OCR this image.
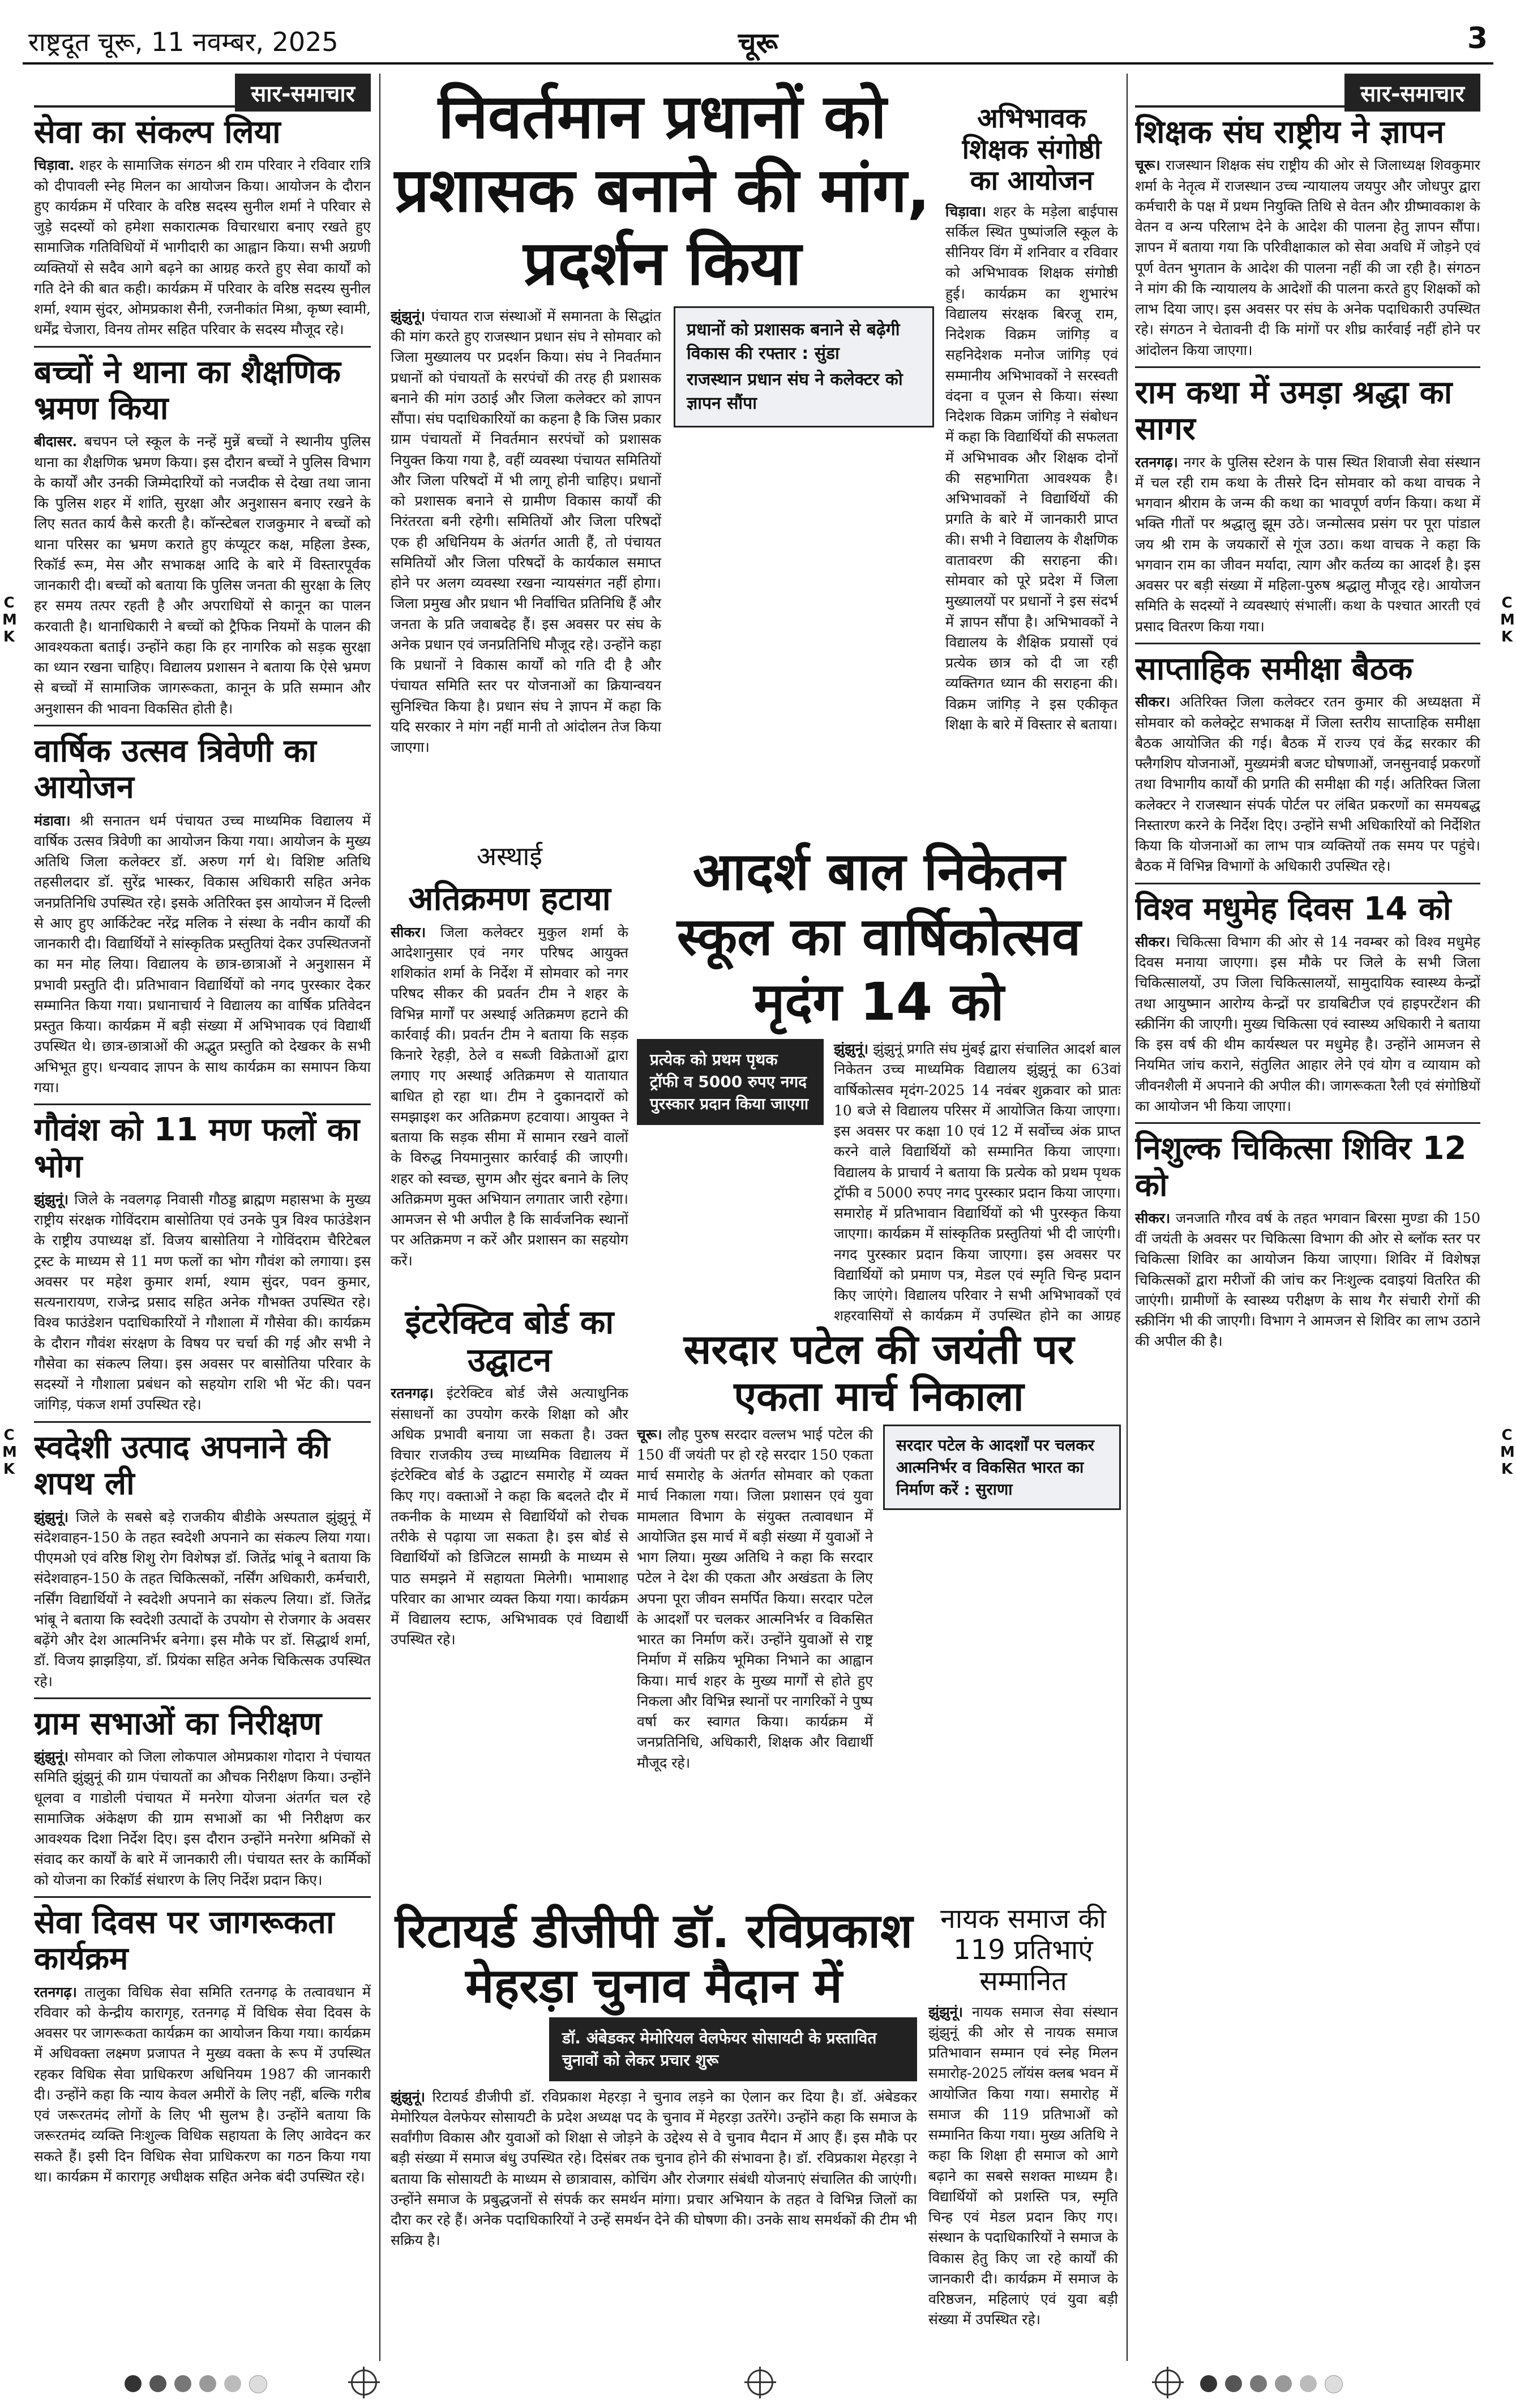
राष्ट्रदूत चूरू, 11 नवम्बर, 2025	चूरू	3
C M K
C M K
C M K
C M K
सार-समाचार
सेवा का संकल्प लिया

चिड़ावा. शहर के सामाजिक संगठन श्री राम परिवार ने रविवार रात्रि को दीपावली स्नेह मिलन का आयोजन किया। आयोजन के दौरान हुए कार्यक्रम में परिवार के वरिष्ठ सदस्य सुनील शर्मा ने परिवार से जुड़े सदस्यों को हमेशा सकारात्मक विचारधारा बनाए रखते हुए सामाजिक गतिविधियों में भागीदारी का आह्वान किया। सभी अग्रणी व्यक्तियों से सदैव आगे बढ़ने का आग्रह करते हुए सेवा कार्यों को गति देने की बात कही। कार्यक्रम में परिवार के वरिष्ठ सदस्य सुनील शर्मा, श्याम सुंदर, ओमप्रकाश सैनी, रजनीकांत मिश्रा, कृष्ण स्वामी, धर्मेंद्र चेजारा, विनय तोमर सहित परिवार के सदस्य मौजूद रहे।

बच्चों ने थाना का शैक्षणिक भ्रमण किया

बीदासर. बचपन प्ले स्कूल के नन्हें मुन्नें बच्चों ने स्थानीय पुलिस थाना का शैक्षणिक भ्रमण किया। इस दौरान बच्चों ने पुलिस विभाग के कार्यों और उनकी जिम्मेदारियों को नजदीक से देखा तथा जाना कि पुलिस शहर में शांति, सुरक्षा और अनुशासन बनाए रखने के लिए सतत कार्य कैसे करती है। कॉन्स्टेबल राजकुमार ने बच्चों को थाना परिसर का भ्रमण कराते हुए कंप्यूटर कक्ष, महिला डेस्क, रिकॉर्ड रूम, मेस और सभाकक्ष आदि के बारे में विस्तारपूर्वक जानकारी दी। बच्चों को बताया कि पुलिस जनता की सुरक्षा के लिए हर समय तत्पर रहती है और अपराधियों से कानून का पालन करवाती है। थानाधिकारी ने बच्चों को ट्रैफिक नियमों के पालन की आवश्यकता बताई। उन्होंने कहा कि हर नागरिक को सड़क सुरक्षा का ध्यान रखना चाहिए। विद्यालय प्रशासन ने बताया कि ऐसे भ्रमण से बच्चों में सामाजिक जागरूकता, कानून के प्रति सम्मान और अनुशासन की भावना विकसित होती है।

वार्षिक उत्सव त्रिवेणी का आयोजन

मंडावा। श्री सनातन धर्म पंचायत उच्च माध्यमिक विद्यालय में वार्षिक उत्सव त्रिवेणी का आयोजन किया गया। आयोजन के मुख्य अतिथि जिला कलेक्टर डॉ. अरुण गर्ग थे। विशिष्ट अतिथि तहसीलदार डॉ. सुरेंद्र भास्कर, विकास अधिकारी सहित अनेक जनप्रतिनिधि उपस्थित रहे। इसके अतिरिक्त इस आयोजन में दिल्ली से आए हुए आर्किटेक्ट नरेंद्र मलिक ने संस्था के नवीन कार्यों की जानकारी दी। विद्यार्थियों ने सांस्कृतिक प्रस्तुतियां देकर उपस्थितजनों का मन मोह लिया। विद्यालय के छात्र-छात्राओं ने अनुशासन में प्रभावी प्रस्तुति दी। प्रतिभावान विद्यार्थियों को नगद पुरस्कार देकर सम्मानित किया गया। प्रधानाचार्य ने विद्यालय का वार्षिक प्रतिवेदन प्रस्तुत किया। कार्यक्रम में बड़ी संख्या में अभिभावक एवं विद्यार्थी उपस्थित थे। छात्र-छात्राओं की अद्भुत प्रस्तुति को देखकर के सभी अभिभूत हुए। धन्यवाद ज्ञापन के साथ कार्यक्रम का समापन किया गया।

गौवंश को 11 मण फलों का भोग

झुंझुनूं। जिले के नवलगढ़ निवासी गौठड्ड ब्राह्मण महासभा के मुख्य राष्ट्रीय संरक्षक गोविंदराम बासोतिया एवं उनके पुत्र विश्व फाउंडेशन के राष्ट्रीय उपाध्यक्ष डॉ. विजय बासोतिया ने गोविंदराम चैरिटेबल ट्रस्ट के माध्यम से 11 मण फलों का भोग गौवंश को लगाया। इस अवसर पर महेश कुमार शर्मा, श्याम सुंदर, पवन कुमार, सत्यनारायण, राजेन्द्र प्रसाद सहित अनेक गौभक्त उपस्थित रहे। विश्व फाउंडेशन पदाधिकारियों ने गौशाला में गौसेवा की। कार्यक्रम के दौरान गौवंश संरक्षण के विषय पर चर्चा की गई और सभी ने गौसेवा का संकल्प लिया। इस अवसर पर बासोतिया परिवार के सदस्यों ने गौशाला प्रबंधन को सहयोग राशि भी भेंट की। पवन जांगिड़, पंकज शर्मा उपस्थित रहे।

स्वदेशी उत्पाद अपनाने की शपथ ली

झुंझुनूं। जिले के सबसे बड़े राजकीय बीडीके अस्पताल झुंझुनूं में संदेशवाहन-150 के तहत स्वदेशी अपनाने का संकल्प लिया गया। पीएमओ एवं वरिष्ठ शिशु रोग विशेषज्ञ डॉ. जितेंद्र भांबू ने बताया कि संदेशवाहन-150 के तहत चिकित्सकों, नर्सिंग अधिकारी, कर्मचारी, नर्सिंग विद्यार्थियों ने स्वदेशी अपनाने का संकल्प लिया। डॉ. जितेंद्र भांबू ने बताया कि स्वदेशी उत्पादों के उपयोग से रोजगार के अवसर बढ़ेंगे और देश आत्मनिर्भर बनेगा। इस मौके पर डॉ. सिद्धार्थ शर्मा, डॉ. विजय झाझड़िया, डॉ. प्रियंका सहित अनेक चिकित्सक उपस्थित रहे।

ग्राम सभाओं का निरीक्षण

झुंझुनूं। सोमवार को जिला लोकपाल ओमप्रकाश गोदारा ने पंचायत समिति झुंझुनूं की ग्राम पंचायतों का औचक निरीक्षण किया। उन्होंने धूलवा व गाडोली पंचायत में मनरेगा योजना अंतर्गत चल रहे सामाजिक अंकेक्षण की ग्राम सभाओं का भी निरीक्षण कर आवश्यक दिशा निर्देश दिए। इस दौरान उन्होंने मनरेगा श्रमिकों से संवाद कर कार्यों के बारे में जानकारी ली। पंचायत स्तर के कार्मिकों को योजना का रिकॉर्ड संधारण के लिए निर्देश प्रदान किए।

सेवा दिवस पर जागरूकता कार्यक्रम

रतनगढ़। तालुका विधिक सेवा समिति रतनगढ़ के तत्वावधान में रविवार को केन्द्रीय कारागृह, रतनगढ़ में विधिक सेवा दिवस के अवसर पर जागरूकता कार्यक्रम का आयोजन किया गया। कार्यक्रम में अधिवक्ता लक्ष्मण प्रजापत ने मुख्य वक्ता के रूप में उपस्थित रहकर विधिक सेवा प्राधिकरण अधिनियम 1987 की जानकारी दी। उन्होंने कहा कि न्याय केवल अमीरों के लिए नहीं, बल्कि गरीब एवं जरूरतमंद लोगों के लिए भी सुलभ है। उन्होंने बताया कि जरूरतमंद व्यक्ति निःशुल्क विधिक सहायता के लिए आवेदन कर सकते हैं। इसी दिन विधिक सेवा प्राधिकरण का गठन किया गया था। कार्यक्रम में कारागृह अधीक्षक सहित अनेक बंदी उपस्थित रहे।

निवर्तमान प्रधानों को प्रशासक बनाने की मांग, प्रदर्शन किया

झुंझुनूं। पंचायत राज संस्थाओं में समानता के सिद्धांत की मांग करते हुए राजस्थान प्रधान संघ ने सोमवार को जिला मुख्यालय पर प्रदर्शन किया। संघ ने निवर्तमान प्रधानों को पंचायतों के सरपंचों की तरह ही प्रशासक बनाने की मांग उठाई और जिला कलेक्टर को ज्ञापन सौंपा। संघ पदाधिकारियों का कहना है कि जिस प्रकार ग्राम पंचायतों में निवर्तमान सरपंचों को प्रशासक नियुक्त किया गया है, वहीं व्यवस्था पंचायत समितियों और जिला परिषदों में भी लागू होनी चाहिए। प्रधानों को प्रशासक बनाने से ग्रामीण विकास कार्यों की निरंतरता बनी रहेगी। समितियों और जिला परिषदों एक ही अधिनियम के अंतर्गत आती हैं, तो पंचायत समितियों और जिला परिषदों के कार्यकाल समाप्त होने पर अलग व्यवस्था रखना न्यायसंगत नहीं होगा। जिला प्रमुख और प्रधान भी निर्वाचित प्रतिनिधि हैं और जनता के प्रति जवाबदेह हैं। इस अवसर पर संघ के अनेक प्रधान एवं जनप्रतिनिधि मौजूद रहे। उन्होंने कहा कि प्रधानों ने विकास कार्यों को गति दी है और पंचायत समिति स्तर पर योजनाओं का क्रियान्वयन सुनिश्चित किया है। प्रधान संघ ने ज्ञापन में कहा कि यदि सरकार ने मांग नहीं मानी तो आंदोलन तेज किया जाएगा।

प्रधानों को प्रशासक बनाने से बढ़ेगी विकास की रफ्तार : सुंडा
राजस्थान प्रधान संघ ने कलेक्टर को ज्ञापन सौंपा
अभिभावक शिक्षक संगोष्ठी का आयोजन

चिड़ावा। शहर के मड़ेला बाईपास सर्किल स्थित पुष्पांजलि स्कूल के सीनियर विंग में शनिवार व रविवार को अभिभावक शिक्षक संगोष्ठी हुई। कार्यक्रम का शुभारंभ विद्यालय संरक्षक बिरजू राम, निदेशक विक्रम जांगिड़ व सहनिदेशक मनोज जांगिड़ एवं सम्मानीय अभिभावकों ने सरस्वती वंदना व पूजन से किया। संस्था निदेशक विक्रम जांगिड़ ने संबोधन में कहा कि विद्यार्थियों की सफलता में अभिभावक और शिक्षक दोनों की सहभागिता आवश्यक है। अभिभावकों ने विद्यार्थियों की प्रगति के बारे में जानकारी प्राप्त की। सभी ने विद्यालय के शैक्षणिक वातावरण की सराहना की। सोमवार को पूरे प्रदेश में जिला मुख्यालयों पर प्रधानों ने इस संदर्भ में ज्ञापन सौंपा है। अभिभावकों ने विद्यालय के शैक्षिक प्रयासों एवं प्रत्येक छात्र को दी जा रही व्यक्तिगत ध्यान की सराहना की। विक्रम जांगिड़ ने इस एकीकृत शिक्षा के बारे में विस्तार से बताया।

अस्थाई
अतिक्रमण हटाया

सीकर। जिला कलेक्टर मुकुल शर्मा के आदेशानुसार एवं नगर परिषद आयुक्त शशिकांत शर्मा के निर्देश में सोमवार को नगर परिषद सीकर की प्रवर्तन टीम ने शहर के विभिन्न मार्गों पर अस्थाई अतिक्रमण हटाने की कार्रवाई की। प्रवर्तन टीम ने बताया कि सड़क किनारे रेहड़ी, ठेले व सब्जी विक्रेताओं द्वारा लगाए गए अस्थाई अतिक्रमण से यातायात बाधित हो रहा था। टीम ने दुकानदारों को समझाइश कर अतिक्रमण हटवाया। आयुक्त ने बताया कि सड़क सीमा में सामान रखने वालों के विरुद्ध नियमानुसार कार्रवाई की जाएगी। शहर को स्वच्छ, सुगम और सुंदर बनाने के लिए अतिक्रमण मुक्त अभियान लगातार जारी रहेगा। आमजन से भी अपील है कि सार्वजनिक स्थानों पर अतिक्रमण न करें और प्रशासन का सहयोग करें।

आदर्श बाल निकेतन स्कूल का वार्षिकोत्सव मृदंग 14 को
प्रत्येक को प्रथम पृथक ट्रॉफी व 5000 रुपए नगद पुरस्कार प्रदान किया जाएगा

झुंझुनूं। झुंझुनूं प्रगति संघ मुंबई द्वारा संचालित आदर्श बाल निकेतन उच्च माध्यमिक विद्यालय झुंझुनूं का 63वां वार्षिकोत्सव मृदंग-2025 14 नवंबर शुक्रवार को प्रातः 10 बजे से विद्यालय परिसर में आयोजित किया जाएगा। इस अवसर पर कक्षा 10 एवं 12 में सर्वोच्च अंक प्राप्त करने वाले विद्यार्थियों को सम्मानित किया जाएगा। विद्यालय के प्राचार्य ने बताया कि प्रत्येक को प्रथम पृथक ट्रॉफी व 5000 रुपए नगद पुरस्कार प्रदान किया जाएगा। समारोह में प्रतिभावान विद्यार्थियों को भी पुरस्कृत किया जाएगा। कार्यक्रम में सांस्कृतिक प्रस्तुतियां भी दी जाएंगी। नगद पुरस्कार प्रदान किया जाएगा। इस अवसर पर विद्यार्थियों को प्रमाण पत्र, मेडल एवं स्मृति चिन्ह प्रदान किए जाएंगे। विद्यालय परिवार ने सभी अभिभावकों एवं शहरवासियों से कार्यक्रम में उपस्थित होने का आग्रह

इंटरेक्टिव बोर्ड का उद्घाटन

रतनगढ़। इंटरेक्टिव बोर्ड जैसे अत्याधुनिक संसाधनों का उपयोग करके शिक्षा को और अधिक प्रभावी बनाया जा सकता है। उक्त विचार राजकीय उच्च माध्यमिक विद्यालय में इंटरेक्टिव बोर्ड के उद्घाटन समारोह में व्यक्त किए गए। वक्ताओं ने कहा कि बदलते दौर में तकनीक के माध्यम से विद्यार्थियों को रोचक तरीके से पढ़ाया जा सकता है। इस बोर्ड से विद्यार्थियों को डिजिटल सामग्री के माध्यम से पाठ समझने में सहायता मिलेगी। भामाशाह परिवार का आभार व्यक्त किया गया। कार्यक्रम में विद्यालय स्टाफ, अभिभावक एवं विद्यार्थी उपस्थित रहे।

सरदार पटेल की जयंती पर एकता मार्च निकाला

चूरू। लौह पुरुष सरदार वल्लभ भाई पटेल की 150 वीं जयंती पर हो रहे सरदार 150 एकता मार्च समारोह के अंतर्गत सोमवार को एकता मार्च निकाला गया। जिला प्रशासन एवं युवा मामलात विभाग के संयुक्त तत्वावधान में आयोजित इस मार्च में बड़ी संख्या में युवाओं ने भाग लिया। मुख्य अतिथि ने कहा कि सरदार पटेल ने देश की एकता और अखंडता के लिए अपना पूरा जीवन समर्पित किया। सरदार पटेल के आदर्शों पर चलकर आत्मनिर्भर व विकसित भारत का निर्माण करें। उन्होंने युवाओं से राष्ट्र निर्माण में सक्रिय भूमिका निभाने का आह्वान किया। मार्च शहर के मुख्य मार्गों से होते हुए निकला और विभिन्न स्थानों पर नागरिकों ने पुष्प वर्षा कर स्वागत किया। कार्यक्रम में जनप्रतिनिधि, अधिकारी, शिक्षक और विद्यार्थी मौजूद रहे।

सरदार पटेल के आदर्शों पर चलकर आत्मनिर्भर व विकसित भारत का निर्माण करें : सुराणा
रिटायर्ड डीजीपी डॉ. रविप्रकाश मेहरड़ा चुनाव मैदान में
डॉ. अंबेडकर मेमोरियल वेलफेयर सोसायटी के प्रस्तावित चुनावों को लेकर प्रचार शुरू

झुंझुनूं। रिटायर्ड डीजीपी डॉ. रविप्रकाश मेहरड़ा ने चुनाव लड़ने का ऐलान कर दिया है। डॉ. अंबेडकर मेमोरियल वेलफेयर सोसायटी के प्रदेश अध्यक्ष पद के चुनाव में मेहरड़ा उतरेंगे। उन्होंने कहा कि समाज के सर्वांगीण विकास और युवाओं को शिक्षा से जोड़ने के उद्देश्य से वे चुनाव मैदान में आए हैं। इस मौके पर बड़ी संख्या में समाज बंधु उपस्थित रहे। दिसंबर तक चुनाव होने की संभावना है। डॉ. रविप्रकाश मेहरड़ा ने बताया कि सोसायटी के माध्यम से छात्रावास, कोचिंग और रोजगार संबंधी योजनाएं संचालित की जाएंगी। उन्होंने समाज के प्रबुद्धजनों से संपर्क कर समर्थन मांगा। प्रचार अभियान के तहत वे विभिन्न जिलों का दौरा कर रहे हैं। अनेक पदाधिकारियों ने उन्हें समर्थन देने की घोषणा की। उनके साथ समर्थकों की टीम भी सक्रिय है।

नायक समाज की 119 प्रतिभाएं सम्मानित

झुंझुनूं। नायक समाज सेवा संस्थान झुंझुनूं की ओर से नायक समाज प्रतिभावान सम्मान एवं स्नेह मिलन समारोह-2025 लॉयंस क्लब भवन में आयोजित किया गया। समारोह में समाज की 119 प्रतिभाओं को सम्मानित किया गया। मुख्य अतिथि ने कहा कि शिक्षा ही समाज को आगे बढ़ाने का सबसे सशक्त माध्यम है। विद्यार्थियों को प्रशस्ति पत्र, स्मृति चिन्ह एवं मेडल प्रदान किए गए। संस्थान के पदाधिकारियों ने समाज के विकास हेतु किए जा रहे कार्यों की जानकारी दी। कार्यक्रम में समाज के वरिष्ठजन, महिलाएं एवं युवा बड़ी संख्या में उपस्थित रहे।

सार-समाचार
शिक्षक संघ राष्ट्रीय ने ज्ञापन

चूरू। राजस्थान शिक्षक संघ राष्ट्रीय की ओर से जिलाध्यक्ष शिवकुमार शर्मा के नेतृत्व में राजस्थान उच्च न्यायालय जयपुर और जोधपुर द्वारा कर्मचारी के पक्ष में प्रथम नियुक्ति तिथि से वेतन और ग्रीष्मावकाश के वेतन व अन्य परिलाभ देने के आदेश की पालना हेतु ज्ञापन सौंपा। ज्ञापन में बताया गया कि परिवीक्षाकाल को सेवा अवधि में जोड़ने एवं पूर्ण वेतन भुगतान के आदेश की पालना नहीं की जा रही है। संगठन ने मांग की कि न्यायालय के आदेशों की पालना करते हुए शिक्षकों को लाभ दिया जाए। इस अवसर पर संघ के अनेक पदाधिकारी उपस्थित रहे। संगठन ने चेतावनी दी कि मांगों पर शीघ्र कार्रवाई नहीं होने पर आंदोलन किया जाएगा।

राम कथा में उमड़ा श्रद्धा का सागर

रतनगढ़। नगर के पुलिस स्टेशन के पास स्थित शिवाजी सेवा संस्थान में चल रही राम कथा के तीसरे दिन सोमवार को कथा वाचक ने भगवान श्रीराम के जन्म की कथा का भावपूर्ण वर्णन किया। कथा में भक्ति गीतों पर श्रद्धालु झूम उठे। जन्मोत्सव प्रसंग पर पूरा पांडाल जय श्री राम के जयकारों से गूंज उठा। कथा वाचक ने कहा कि भगवान राम का जीवन मर्यादा, त्याग और कर्तव्य का आदर्श है। इस अवसर पर बड़ी संख्या में महिला-पुरुष श्रद्धालु मौजूद रहे। आयोजन समिति के सदस्यों ने व्यवस्थाएं संभालीं। कथा के पश्चात आरती एवं प्रसाद वितरण किया गया।

साप्ताहिक समीक्षा बैठक

सीकर। अतिरिक्त जिला कलेक्टर रतन कुमार की अध्यक्षता में सोमवार को कलेक्ट्रेट सभाकक्ष में जिला स्तरीय साप्ताहिक समीक्षा बैठक आयोजित की गई। बैठक में राज्य एवं केंद्र सरकार की फ्लैगशिप योजनाओं, मुख्यमंत्री बजट घोषणाओं, जनसुनवाई प्रकरणों तथा विभागीय कार्यों की प्रगति की समीक्षा की गई। अतिरिक्त जिला कलेक्टर ने राजस्थान संपर्क पोर्टल पर लंबित प्रकरणों का समयबद्ध निस्तारण करने के निर्देश दिए। उन्होंने सभी अधिकारियों को निर्देशित किया कि योजनाओं का लाभ पात्र व्यक्तियों तक समय पर पहुंचे। बैठक में विभिन्न विभागों के अधिकारी उपस्थित रहे।

विश्व मधुमेह दिवस 14 को

सीकर। चिकित्सा विभाग की ओर से 14 नवम्बर को विश्व मधुमेह दिवस मनाया जाएगा। इस मौके पर जिले के सभी जिला चिकित्सालयों, उप जिला चिकित्सालयों, सामुदायिक स्वास्थ्य केन्द्रों तथा आयुष्मान आरोग्य केन्द्रों पर डायबिटीज एवं हाइपरटेंशन की स्क्रीनिंग की जाएगी। मुख्य चिकित्सा एवं स्वास्थ्य अधिकारी ने बताया कि इस वर्ष की थीम कार्यस्थल पर मधुमेह है। उन्होंने आमजन से नियमित जांच कराने, संतुलित आहार लेने एवं योग व व्यायाम को जीवनशैली में अपनाने की अपील की। जागरूकता रैली एवं संगोष्ठियों का आयोजन भी किया जाएगा।

निशुल्क चिकित्सा शिविर 12 को

सीकर। जनजाति गौरव वर्ष के तहत भगवान बिरसा मुण्डा की 150 वीं जयंती के अवसर पर चिकित्सा विभाग की ओर से ब्लॉक स्तर पर चिकित्सा शिविर का आयोजन किया जाएगा। शिविर में विशेषज्ञ चिकित्सकों द्वारा मरीजों की जांच कर निःशुल्क दवाइयां वितरित की जाएंगी। ग्रामीणों के स्वास्थ्य परीक्षण के साथ गैर संचारी रोगों की स्क्रीनिंग भी की जाएगी। विभाग ने आमजन से शिविर का लाभ उठाने की अपील की है।
